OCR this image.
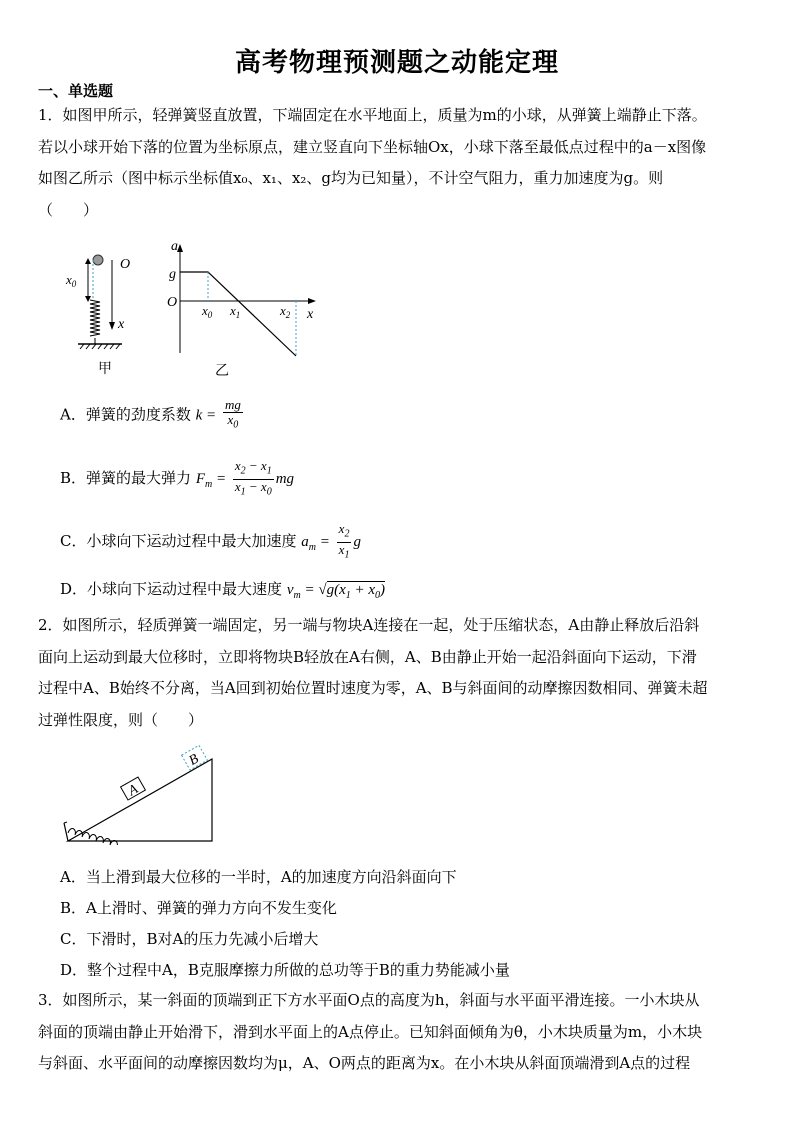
高考物理预测题之动能定理
一、单选题
1．如图甲所示，轻弹簧竖直放置，下端固定在水平地面上，质量为m的小球，从弹簧上端静止下落。
若以小球开始下落的位置为坐标原点，建立竖直向下坐标轴Ox，小球下落至最低点过程中的a－x图像
如图乙所示（图中标示坐标值x₀、x₁、x₂、g均为已知量），不计空气阻力，重力加速度为g。则
（　　）
$x_0$
O
x
甲
a
g
O
$x_0$ $x_1$	$x_2$ x
乙
A．弹簧的劲度系数 $k = \frac{mg}{x_0}$
B．弹簧的最大弹力 $F_m = \frac{x_2 - x_1}{x_1 - x_0}$ mg
C．小球向下运动过程中最大加速度 $a_m = \frac{x_2}{x_1}$ g
D．小球向下运动过程中最大速度 $v_m = √g(x_1 + x_0)$
2．如图所示，轻质弹簧一端固定，另一端与物块A连接在一起，处于压缩状态，A由静止释放后沿斜
面向上运动到最大位移时，立即将物块B轻放在A右侧，A、B由静止开始一起沿斜面向下运动，下滑
过程中A、B始终不分离，当A回到初始位置时速度为零，A、B与斜面间的动摩擦因数相同、弹簧未超
过弹性限度，则（　　）
A
B
A．当上滑到最大位移的一半时，A的加速度方向沿斜面向下
B．A上滑时、弹簧的弹力方向不发生变化
C．下滑时，B对A的压力先减小后增大
D．整个过程中A，B克服摩擦力所做的总功等于B的重力势能减小量
3．如图所示，某一斜面的顶端到正下方水平面O点的高度为h，斜面与水平面平滑连接。一小木块从
斜面的顶端由静止开始滑下，滑到水平面上的A点停止。已知斜面倾角为θ，小木块质量为m，小木块
与斜面、水平面间的动摩擦因数均为μ，A、O两点的距离为x。在小木块从斜面顶端滑到A点的过程
